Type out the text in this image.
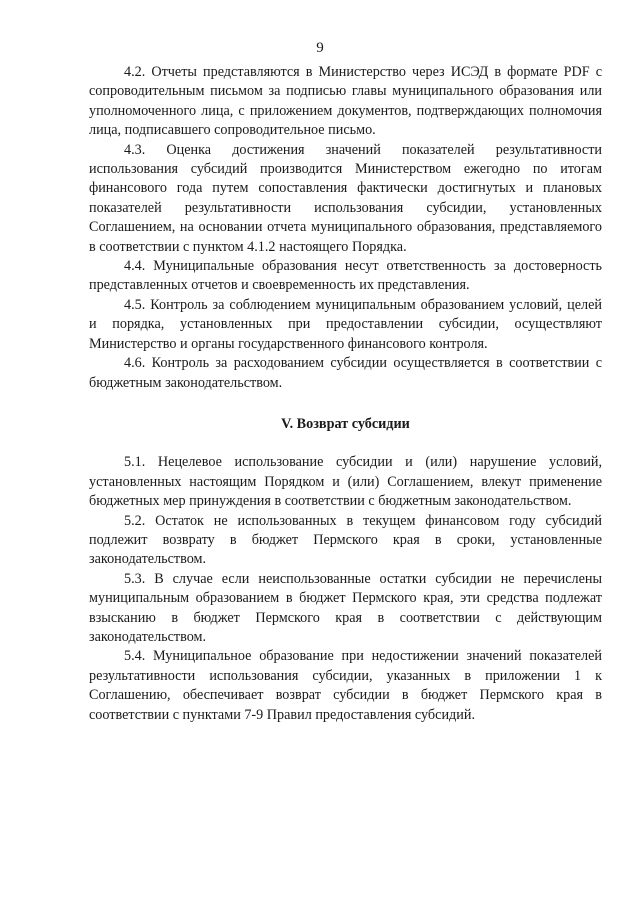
9

4.2. Отчеты представляются в Министерство через ИСЭД в формате PDF с сопроводительным письмом за подписью главы муниципального образования или уполномоченного лица, с приложением документов, подтверждающих полномочия лица, подписавшего сопроводительное письмо.

4.3. Оценка достижения значений показателей результативности использования субсидий производится Министерством ежегодно по итогам финансового года путем сопоставления фактически достигнутых и плановых показателей результативности использования субсидии, установленных Соглашением, на основании отчета муниципального образования, представляемого в соответствии с пунктом 4.1.2 настоящего Порядка.

4.4. Муниципальные образования несут ответственность за достоверность представленных отчетов и своевременность их представления.

4.5. Контроль за соблюдением муниципальным образованием условий, целей и порядка, установленных при предоставлении субсидии, осуществляют Министерство и органы государственного финансового контроля.

4.6. Контроль за расходованием субсидии осуществляется в соответствии с бюджетным законодательством.

V. Возврат субсидии

5.1. Нецелевое использование субсидии и (или) нарушение условий, установленных настоящим Порядком и (или) Соглашением, влекут применение бюджетных мер принуждения в соответствии с бюджетным законодательством.

5.2. Остаток не использованных в текущем финансовом году субсидий подлежит возврату в бюджет Пермского края в сроки, установленные законодательством.

5.3. В случае если неиспользованные остатки субсидии не перечислены муниципальным образованием в бюджет Пермского края, эти средства подлежат взысканию в бюджет Пермского края в соответствии с действующим законодательством.

5.4. Муниципальное образование при недостижении значений показателей результативности использования субсидии, указанных в приложении 1 к Соглашению, обеспечивает возврат субсидии в бюджет Пермского края в соответствии с пунктами 7-9 Правил предоставления субсидий.
